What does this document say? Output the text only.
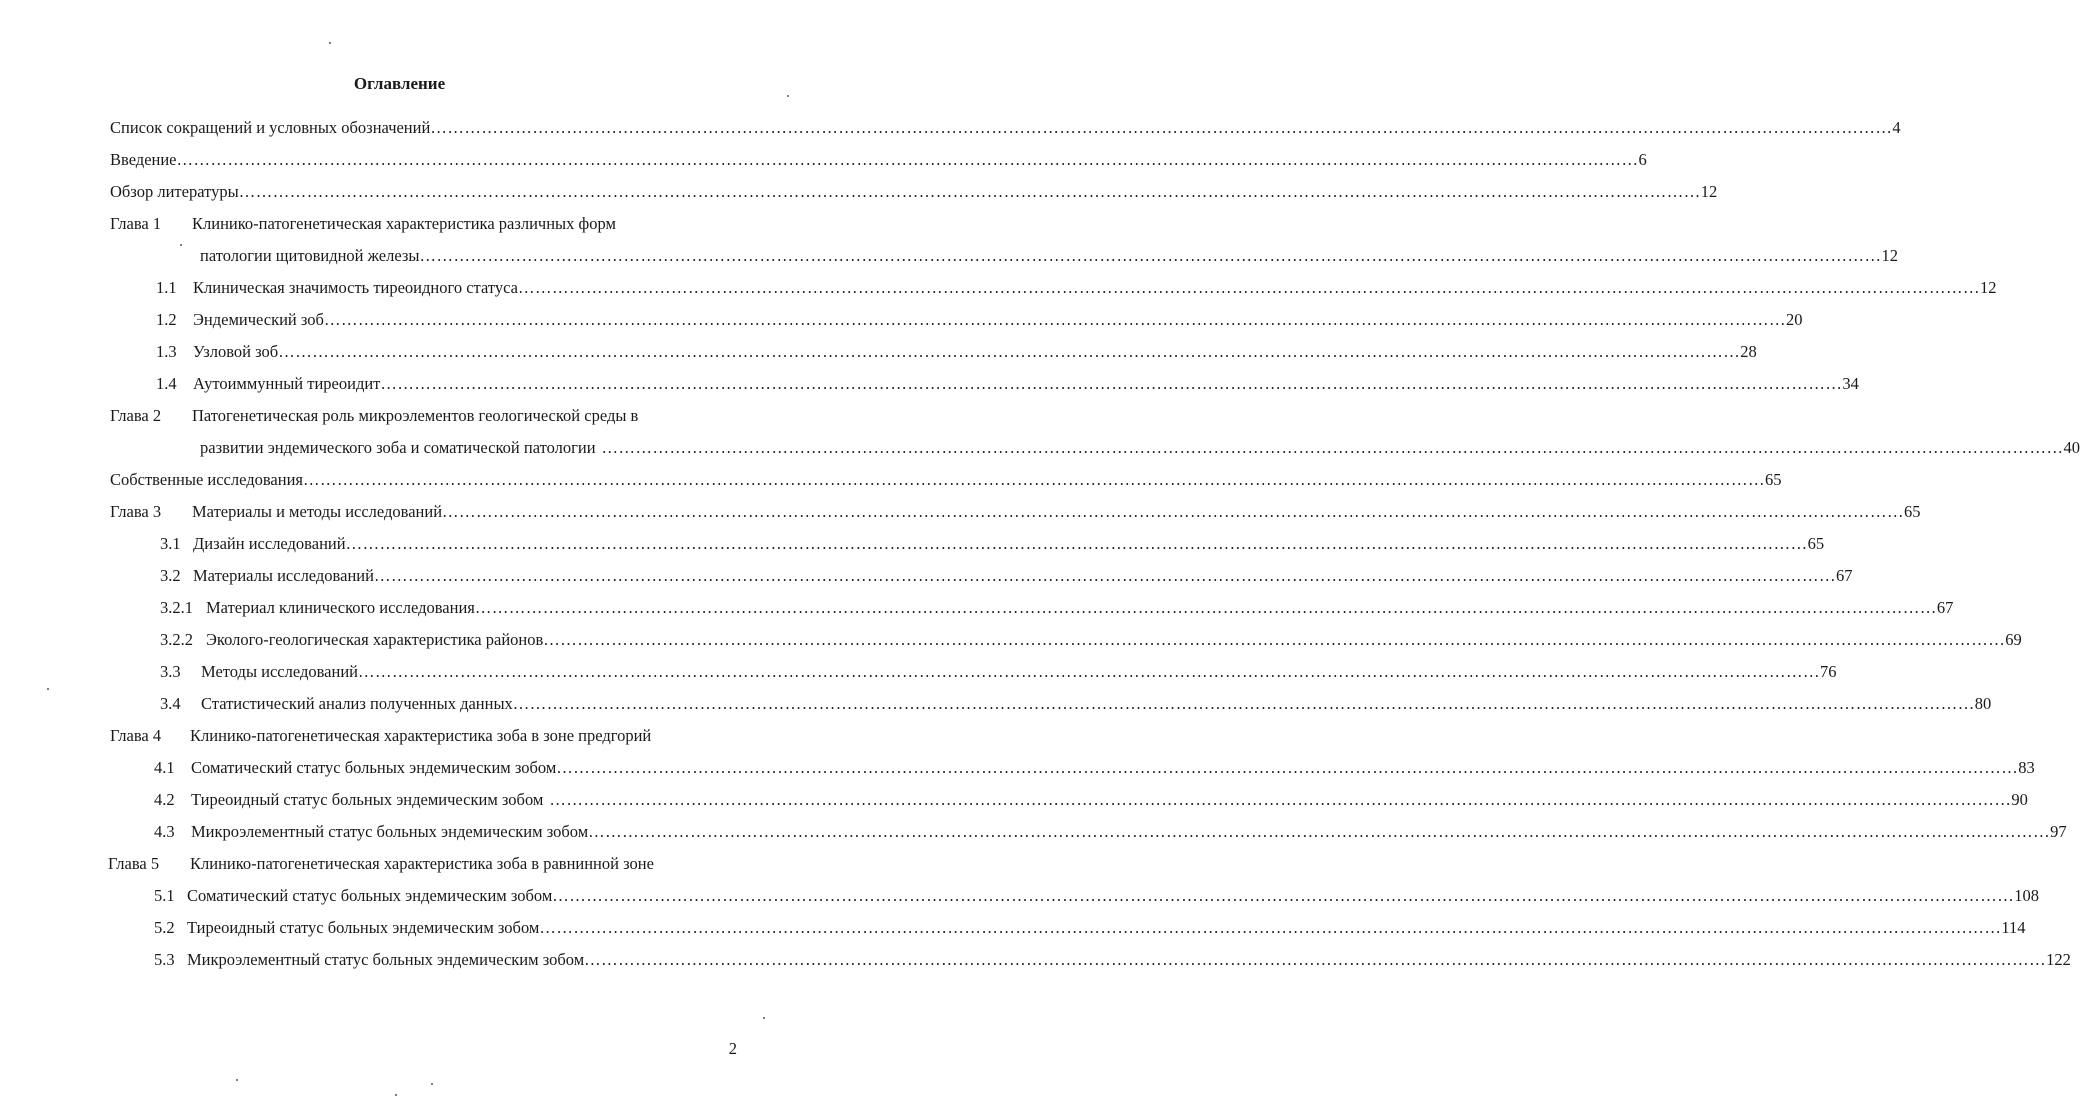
Оглавление
Список сокращений и условных обозначений …………………………………………………………………………………………………………………………………………………………………………………………………………………………………… 4
Введение …………………………………………………………………………………………………………………………………………………………………………………………………………………………………… 6
Обзор литературы …………………………………………………………………………………………………………………………………………………………………………………………………………………………………… 12
Глава 1 Клинико-патогенетическая характеристика различных форм
патологии щитовидной железы …………………………………………………………………………………………………………………………………………………………………………………………………………………………………… 12
1.1 Клиническая значимость тиреоидного статуса …………………………………………………………………………………………………………………………………………………………………………………………………………………………………… 12
1.2 Эндемический зоб …………………………………………………………………………………………………………………………………………………………………………………………………………………………………… 20
1.3 Узловой зоб …………………………………………………………………………………………………………………………………………………………………………………………………………………………………… 28
1.4 Аутоиммунный тиреоидит …………………………………………………………………………………………………………………………………………………………………………………………………………………………………… 34
Глава 2 Патогенетическая роль микроэлементов геологической среды в
развитии эндемического зоба и соматической патологии …………………………………………………………………………………………………………………………………………………………………………………………………………………………………… 40
Собственные исследования …………………………………………………………………………………………………………………………………………………………………………………………………………………………………… 65
Глава 3	Материалы и методы исследований …………………………………………………………………………………………………………………………………………………………………………………………………………………………………… 65
3.1 Дизайн исследований …………………………………………………………………………………………………………………………………………………………………………………………………………………………………… 65
3.2 Материалы исследований …………………………………………………………………………………………………………………………………………………………………………………………………………………………………… 67
3.2.1 Материал клинического исследования …………………………………………………………………………………………………………………………………………………………………………………………………………………………………… 67
3.2.2 Эколого-геологическая характеристика районов …………………………………………………………………………………………………………………………………………………………………………………………………………………………………… 69
3.3	Методы исследований …………………………………………………………………………………………………………………………………………………………………………………………………………………………………… 76
3.4	Статистический анализ полученных данных …………………………………………………………………………………………………………………………………………………………………………………………………………………………………… 80
Глава 4 Клинико-патогенетическая характеристика зоба в зоне предгорий
4.1 Соматический статус больных эндемическим зобом …………………………………………………………………………………………………………………………………………………………………………………………………………………………………… 83
4.2 Тиреоидный статус больных эндемическим зобом …………………………………………………………………………………………………………………………………………………………………………………………………………………………………… 90
4.3 Микроэлементный статус больных эндемическим зобом …………………………………………………………………………………………………………………………………………………………………………………………………………………………………… 97
Глава 5 Клинико-патогенетическая характеристика зоба в равнинной зоне
5.1 Соматический статус больных эндемическим зобом …………………………………………………………………………………………………………………………………………………………………………………………………………………………………… 108
5.2 Тиреоидный статус больных эндемическим зобом …………………………………………………………………………………………………………………………………………………………………………………………………………………………………… 114
5.3 Микроэлементный статус больных эндемическим зобом …………………………………………………………………………………………………………………………………………………………………………………………………………………………………… 122
2
